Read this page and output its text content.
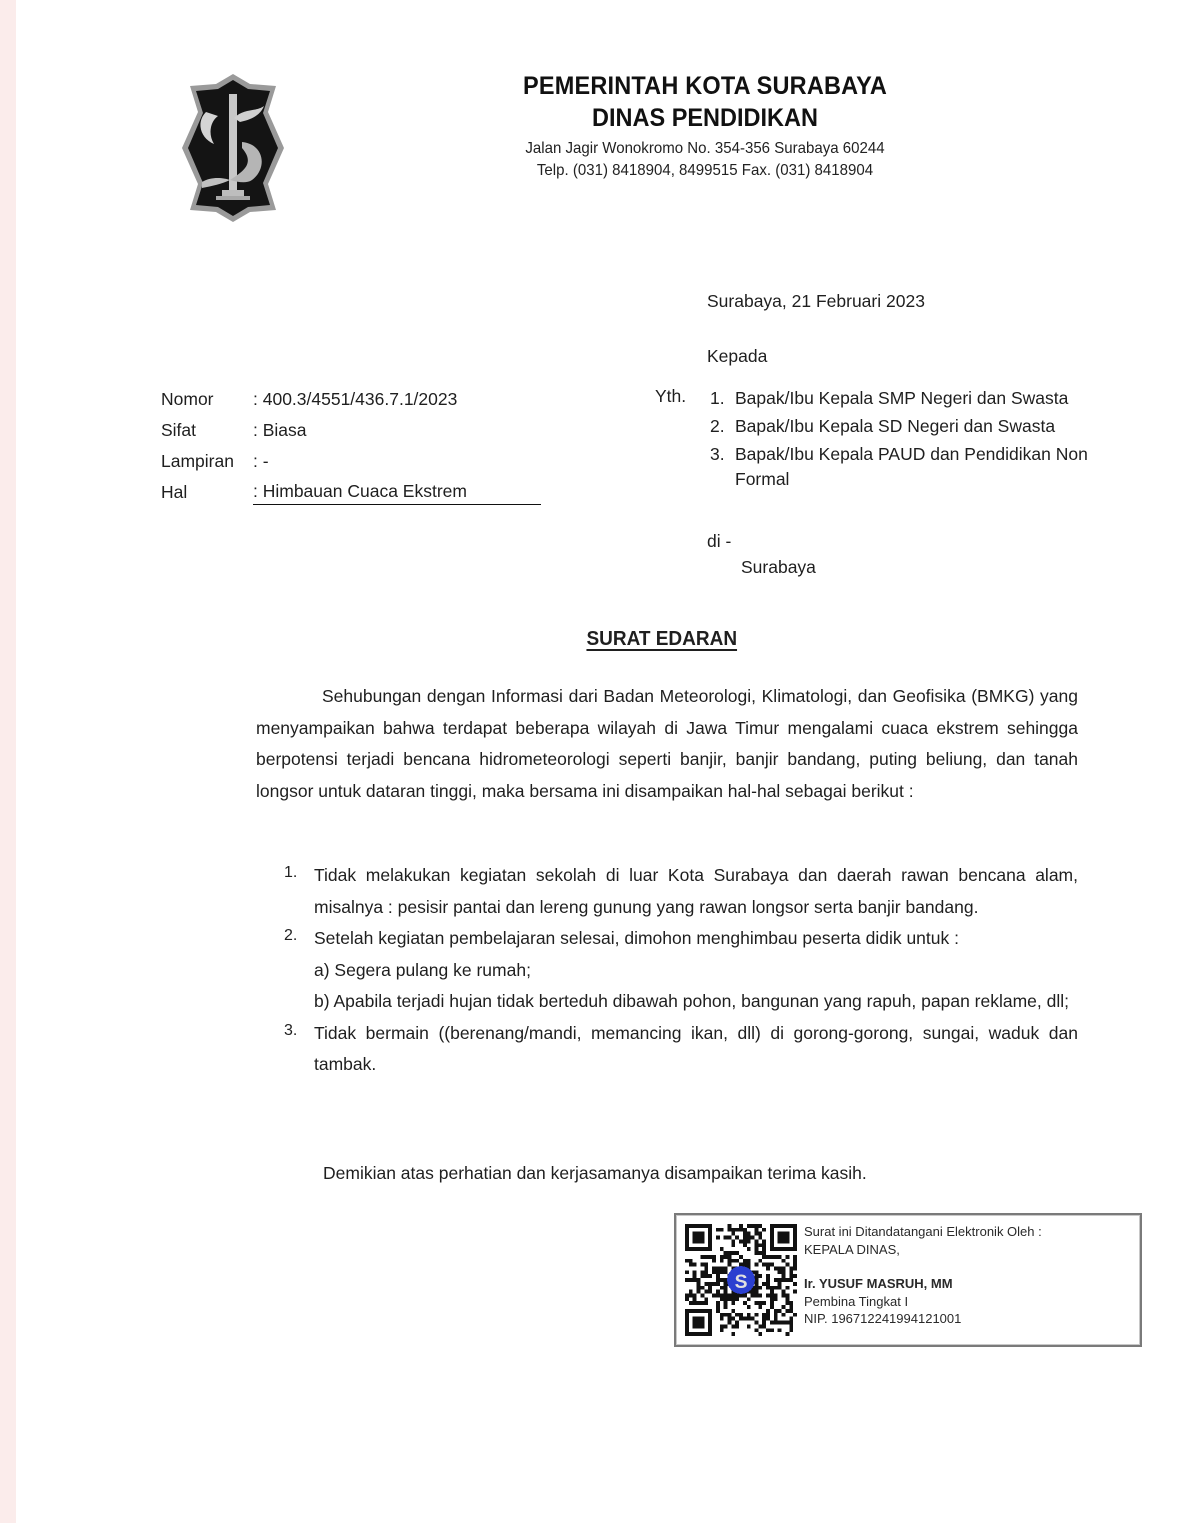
PEMERINTAH KOTA SURABAYA
DINAS PENDIDIKAN
Jalan Jagir Wonokromo No. 354-356 Surabaya 60244
Telp. (031) 8418904, 8499515 Fax. (031) 8418904
Surabaya, 21 Februari 2023
Kepada
Yth. 1. Bapak/Ibu Kepala SMP Negeri dan Swasta
2. Bapak/Ibu Kepala SD Negeri dan Swasta
3. Bapak/Ibu Kepala PAUD dan Pendidikan Non Formal
di -
Surabaya
Nomor	: 400.3/4551/436.7.1/2023
Sifat	: Biasa
Lampiran	: -
Hal	: Himbauan Cuaca Ekstrem
SURAT EDARAN
Sehubungan dengan Informasi dari Badan Meteorologi, Klimatologi, dan Geofisika (BMKG) yang menyampaikan bahwa terdapat beberapa wilayah di Jawa Timur mengalami cuaca ekstrem sehingga berpotensi terjadi bencana hidrometeorologi seperti banjir, banjir bandang, puting beliung, dan tanah longsor untuk dataran tinggi, maka bersama ini disampaikan hal-hal sebagai berikut :
1. Tidak melakukan kegiatan sekolah di luar Kota Surabaya dan daerah rawan bencana alam, misalnya : pesisir pantai dan lereng gunung yang rawan longsor serta banjir bandang.
2. Setelah kegiatan pembelajaran selesai, dimohon menghimbau peserta didik untuk :
a) Segera pulang ke rumah;
b) Apabila terjadi hujan tidak berteduh dibawah pohon, bangunan yang rapuh, papan reklame, dll;
3. Tidak bermain ((berenang/mandi, memancing ikan, dll) di gorong-gorong, sungai, waduk dan tambak.
Demikian atas perhatian dan kerjasamanya disampaikan terima kasih.
S
Surat ini Ditandatangani Elektronik Oleh :
KEPALA DINAS,
Ir. YUSUF MASRUH, MM
Pembina Tingkat I
NIP. 196712241994121001
